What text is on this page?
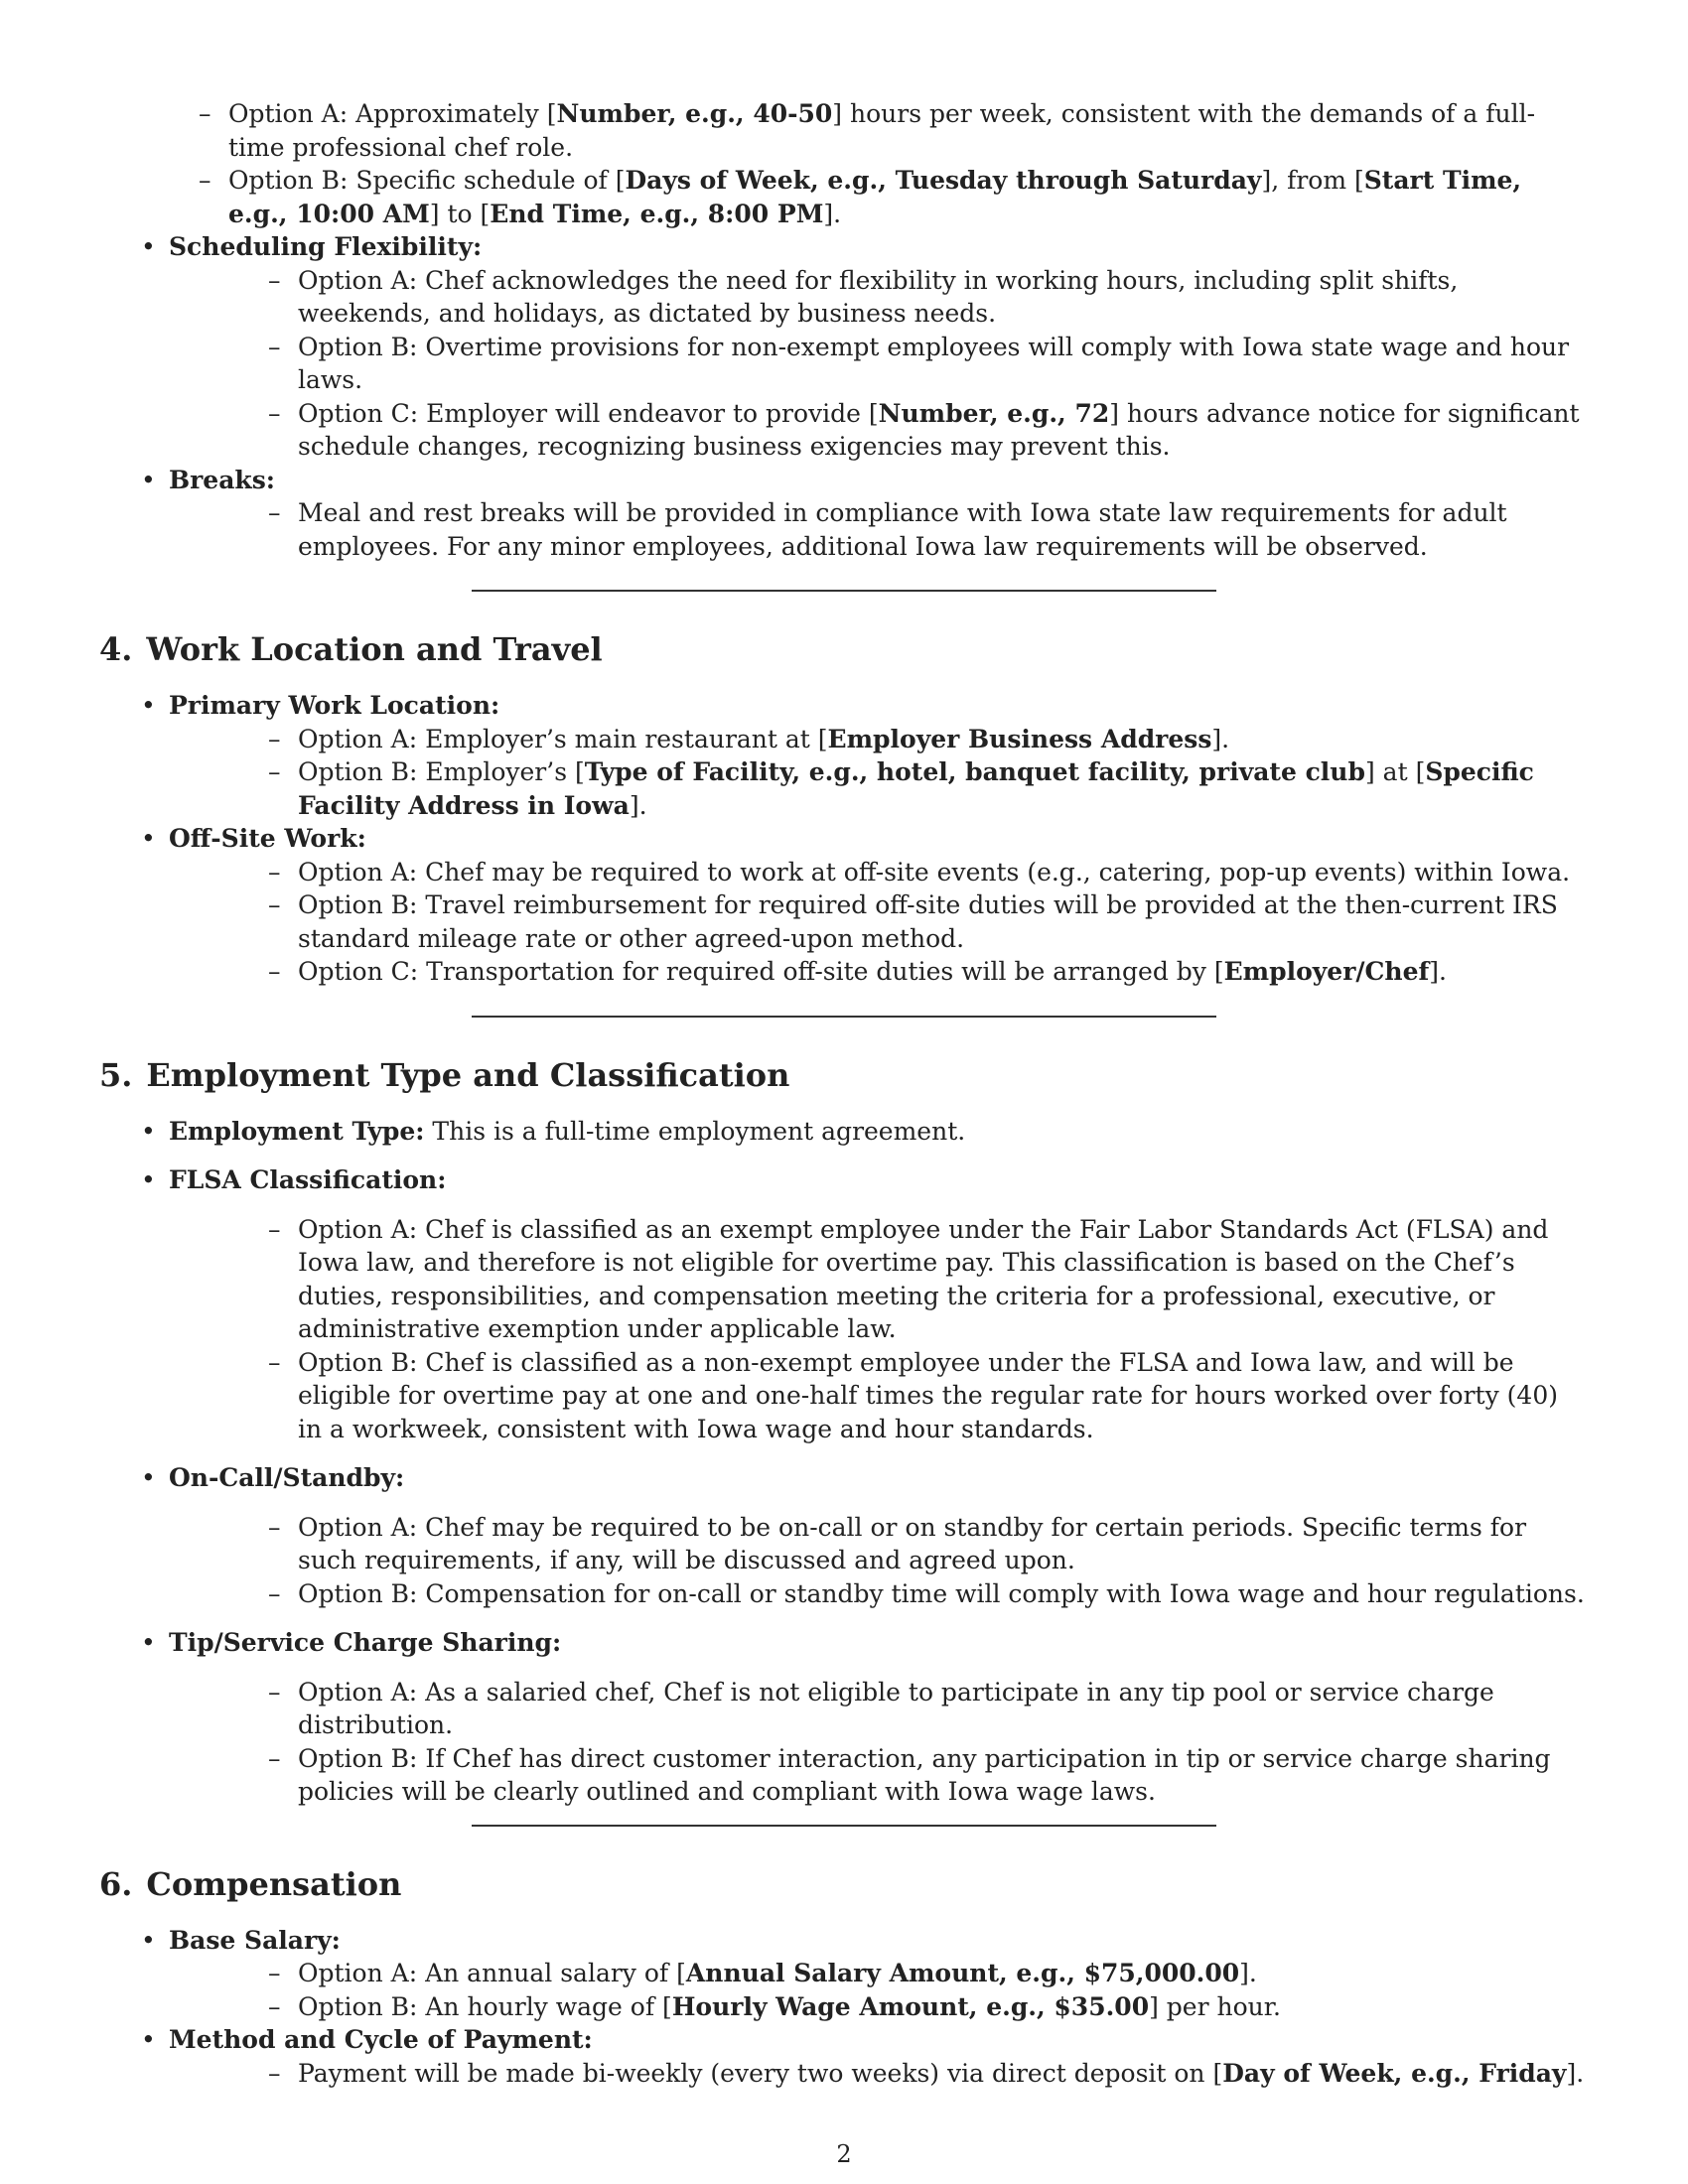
– Option A: Approximately [Number, e.g., 40-50] hours per week, consistent with the demands of a full-time professional chef role.
– Option B: Specific schedule of [Days of Week, e.g., Tuesday through Saturday], from [Start Time, e.g., 10:00 AM] to [End Time, e.g., 8:00 PM].
• Scheduling Flexibility:
– Option A: Chef acknowledges the need for flexibility in working hours, including split shifts, weekends, and holidays, as dictated by business needs.
– Option B: Overtime provisions for non-exempt employees will comply with Iowa state wage and hour laws.
– Option C: Employer will endeavor to provide [Number, e.g., 72] hours advance notice for significant schedule changes, recognizing business exigencies may prevent this.
• Breaks:
– Meal and rest breaks will be provided in compliance with Iowa state law requirements for adult employees. For any minor employees, additional Iowa law requirements will be observed.
4. Work Location and Travel
• Primary Work Location:
– Option A: Employer’s main restaurant at [Employer Business Address].
– Option B: Employer’s [Type of Facility, e.g., hotel, banquet facility, private club] at [Specific Facility Address in Iowa].
• Off-Site Work:
– Option A: Chef may be required to work at off-site events (e.g., catering, pop-up events) within Iowa.
– Option B: Travel reimbursement for required off-site duties will be provided at the then-current IRS standard mileage rate or other agreed-upon method.
– Option C: Transportation for required off-site duties will be arranged by [Employer/Chef].
5. Employment Type and Classification
• Employment Type: This is a full-time employment agreement.
• FLSA Classification:
– Option A: Chef is classified as an exempt employee under the Fair Labor Standards Act (FLSA) and Iowa law, and therefore is not eligible for overtime pay. This classification is based on the Chef’s duties, responsibilities, and compensation meeting the criteria for a professional, executive, or administrative exemption under applicable law.
– Option B: Chef is classified as a non-exempt employee under the FLSA and Iowa law, and will be eligible for overtime pay at one and one-half times the regular rate for hours worked over forty (40) in a workweek, consistent with Iowa wage and hour standards.
• On-Call/Standby:
– Option A: Chef may be required to be on-call or on standby for certain periods. Specific terms for such requirements, if any, will be discussed and agreed upon.
– Option B: Compensation for on-call or standby time will comply with Iowa wage and hour regulations.
• Tip/Service Charge Sharing:
– Option A: As a salaried chef, Chef is not eligible to participate in any tip pool or service charge distribution.
– Option B: If Chef has direct customer interaction, any participation in tip or service charge sharing policies will be clearly outlined and compliant with Iowa wage laws.
6. Compensation
• Base Salary:
– Option A: An annual salary of [Annual Salary Amount, e.g., $75,000.00].
– Option B: An hourly wage of [Hourly Wage Amount, e.g., $35.00] per hour.
• Method and Cycle of Payment:
– Payment will be made bi-weekly (every two weeks) via direct deposit on [Day of Week, e.g., Friday].
2
